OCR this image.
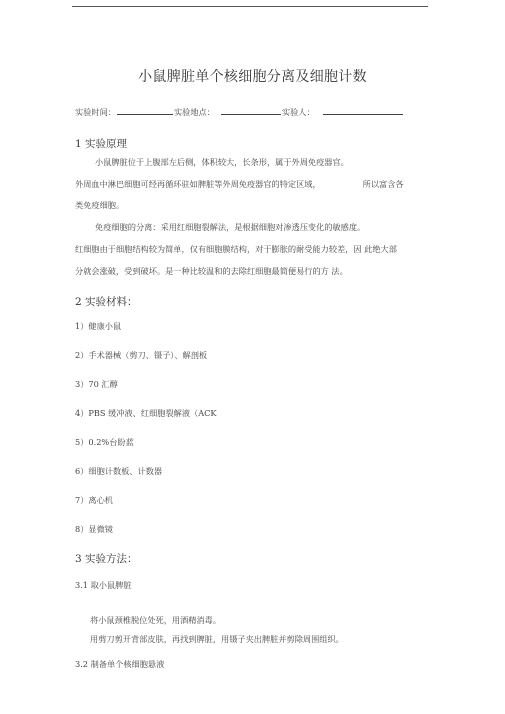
小鼠脾脏单个核细胞分离及细胞计数
实验时间：	实验地点：	实验人：
1 实验原理
小鼠脾脏位于上腹部左后侧，体积较大，长条形，属于外周免疫器官。
外周血中淋巴细胞可经再循环驻如脾脏等外周免疫器官的特定区域，	所以富含各
类免疫细胞。
免疫细胞的分离：采用红细胞裂解法，是根据细胞对渗透压变化的敏感度。
红细胞由于细胞结构较为简单，仅有细胞膜结构，对于膨胀的耐受能力较差，因 此绝大部
分就会涨破，受到破坏。是一种比较温和的去除红细胞最简便易行的方 法。
2 实验材料：
1）健康小鼠
2）手术器械（剪刀、镊子）、解剖板
3）70 汇醇
4）PBS 缓冲液、红细胞裂解液（ACK
5）0.2%台盼蓝
6）细胞计数板、计数器
7）离心机
8）显微镜
3 实验方法：
3.1 取小鼠脾脏
将小鼠颈椎脱位处死，用酒精消毒。
用剪刀剪开背部皮肤，再找到脾脏，用镊子夹出脾脏并剪除周围组织。
3.2 制备单个核细胞悬液
